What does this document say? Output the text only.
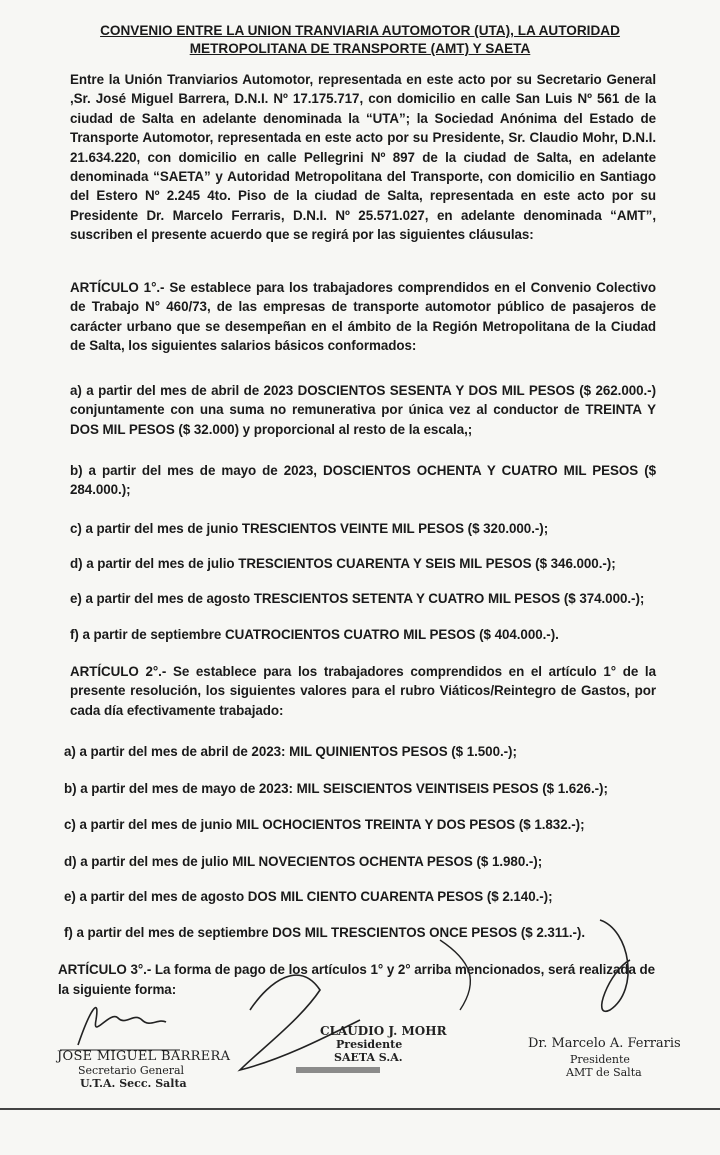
CONVENIO ENTRE LA UNION TRANVIARIA AUTOMOTOR (UTA), LA AUTORIDAD
METROPOLITANA DE TRANSPORTE (AMT) Y SAETA

Entre la Unión Tranviarios Automotor, representada en este acto por su Secretario General ,Sr. José Miguel Barrera, D.N.I. Nº 17.175.717, con domicilio en calle San Luis Nº 561 de la ciudad de Salta en adelante denominada la “UTA”; la Sociedad Anónima del Estado de Transporte Automotor, representada en este acto por su Presidente, Sr. Claudio Mohr, D.N.I. 21.634.220, con domicilio en calle Pellegrini Nº 897 de la ciudad de Salta, en adelante denominada “SAETA” y Autoridad Metropolitana del Transporte, con domicilio en Santiago del Estero Nº 2.245 4to. Piso de la ciudad de Salta, representada en este acto por su Presidente Dr. Marcelo Ferraris, D.N.I. Nº 25.571.027, en adelante denominada “AMT”, suscriben el presente acuerdo que se regirá por las siguientes cláusulas:

ARTÍCULO 1°.- Se establece para los trabajadores comprendidos en el Convenio Colectivo de Trabajo N° 460/73, de las empresas de transporte automotor público de pasajeros de carácter urbano que se desempeñan en el ámbito de la Región Metropolitana de la Ciudad de Salta, los siguientes salarios básicos conformados:

a) a partir del mes de abril de 2023 DOSCIENTOS SESENTA Y DOS MIL PESOS ($ 262.000.-) conjuntamente con una suma no remunerativa por única vez al conductor de TREINTA Y DOS MIL PESOS ($ 32.000) y proporcional al resto de la escala,;

b) a partir del mes de mayo de 2023, DOSCIENTOS OCHENTA Y CUATRO MIL PESOS ($ 284.000.);

c) a partir del mes de junio TRESCIENTOS VEINTE MIL PESOS ($ 320.000.-);

d) a partir del mes de julio TRESCIENTOS CUARENTA Y SEIS MIL PESOS ($ 346.000.-);

e) a partir del mes de agosto TRESCIENTOS SETENTA Y CUATRO MIL PESOS ($ 374.000.-);

f) a partir de septiembre CUATROCIENTOS CUATRO MIL PESOS ($ 404.000.-).

ARTÍCULO 2°.- Se establece para los trabajadores comprendidos en el artículo 1° de la presente resolución, los siguientes valores para el rubro Viáticos/Reintegro de Gastos, por cada día efectivamente trabajado:

a) a partir del mes de abril de 2023: MIL QUINIENTOS PESOS ($ 1.500.-);

b) a partir del mes de mayo de 2023: MIL SEISCIENTOS VEINTISEIS PESOS ($ 1.626.-);

c) a partir del mes de junio MIL OCHOCIENTOS TREINTA Y DOS PESOS ($ 1.832.-);

d) a partir del mes de julio MIL NOVECIENTOS OCHENTA PESOS ($ 1.980.-);

e) a partir del mes de agosto DOS MIL CIENTO CUARENTA PESOS ($ 2.140.-);

f) a partir del mes de septiembre DOS MIL TRESCIENTOS ONCE PESOS ($ 2.311.-).

ARTÍCULO 3°.- La forma de pago de los artículos 1° y 2° arriba mencionados, será realizada de

la siguiente forma:

JOSE MIGUEL BARRERA
Secretario General
U.T.A. Secc. Salta
CLAUDIO J. MOHR
Presidente
SAETA S.A.
Dr. Marcelo A. Ferraris
Presidente
AMT de Salta
